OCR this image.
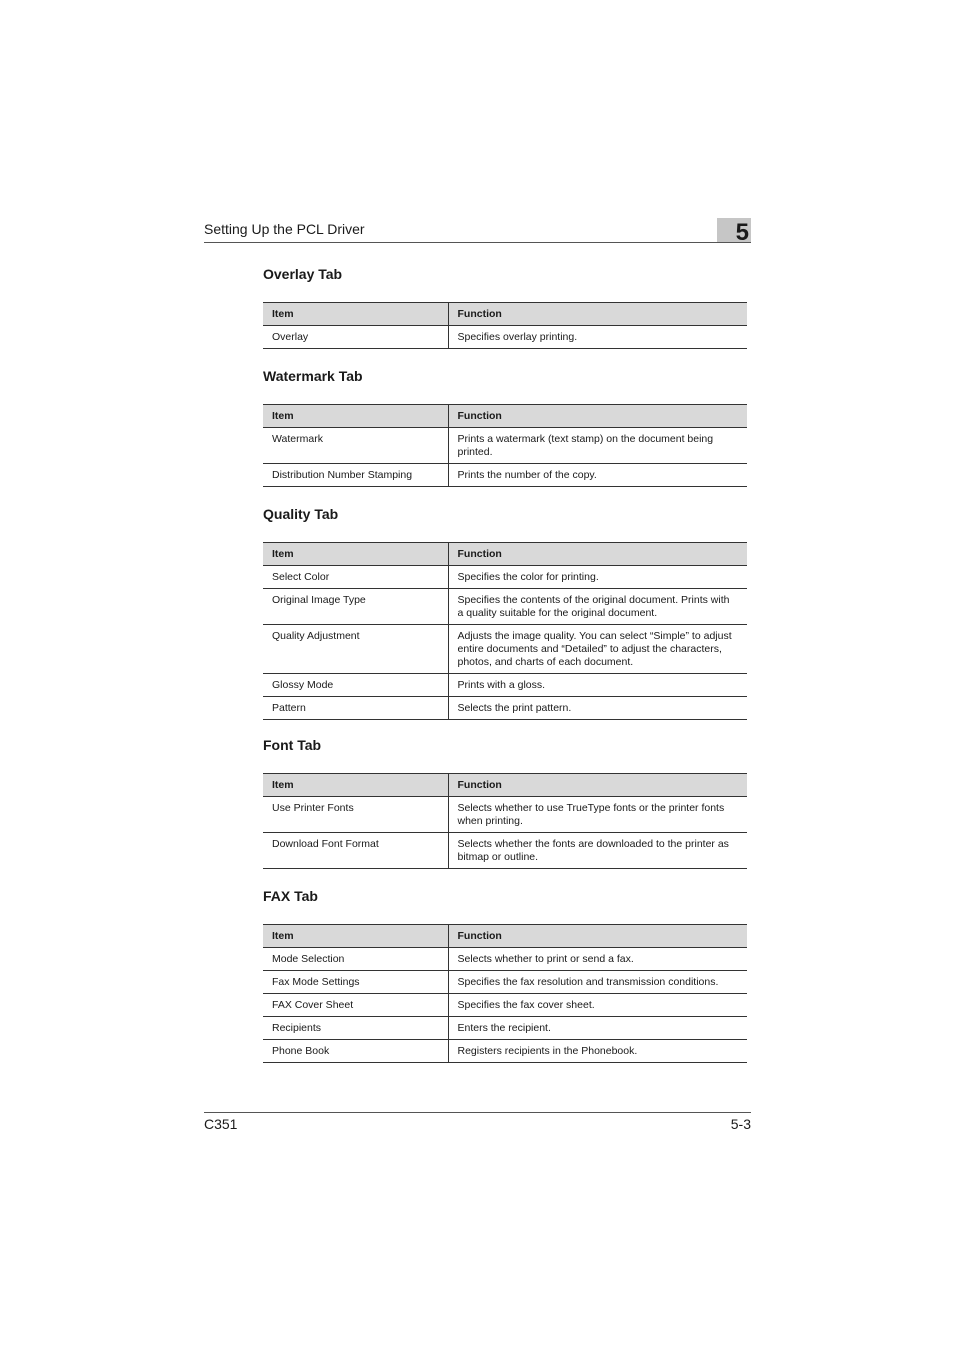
Setting Up the PCL Driver	5
Overlay Tab
Item	Function
Overlay	Specifies overlay printing.
Watermark Tab
Item	Function
Watermark	Prints a watermark (text stamp) on the document being printed.
Distribution Number Stamping	Prints the number of the copy.
Quality Tab
Item	Function
Select Color	Specifies the color for printing.
Original Image Type	Specifies the contents of the original document. Prints with a quality suitable for the original document.
Quality Adjustment	Adjusts the image quality. You can select “Simple” to adjust entire documents and “Detailed” to adjust the characters, photos, and charts of each document.
Glossy Mode	Prints with a gloss.
Pattern	Selects the print pattern.
Font Tab
Item	Function
Use Printer Fonts	Selects whether to use TrueType fonts or the printer fonts when printing.
Download Font Format	Selects whether the fonts are downloaded to the printer as bitmap or outline.
FAX Tab
Item	Function
Mode Selection	Selects whether to print or send a fax.
Fax Mode Settings	Specifies the fax resolution and transmission conditions.
FAX Cover Sheet	Specifies the fax cover sheet.
Recipients	Enters the recipient.
Phone Book	Registers recipients in the Phonebook.
C351	5-3
